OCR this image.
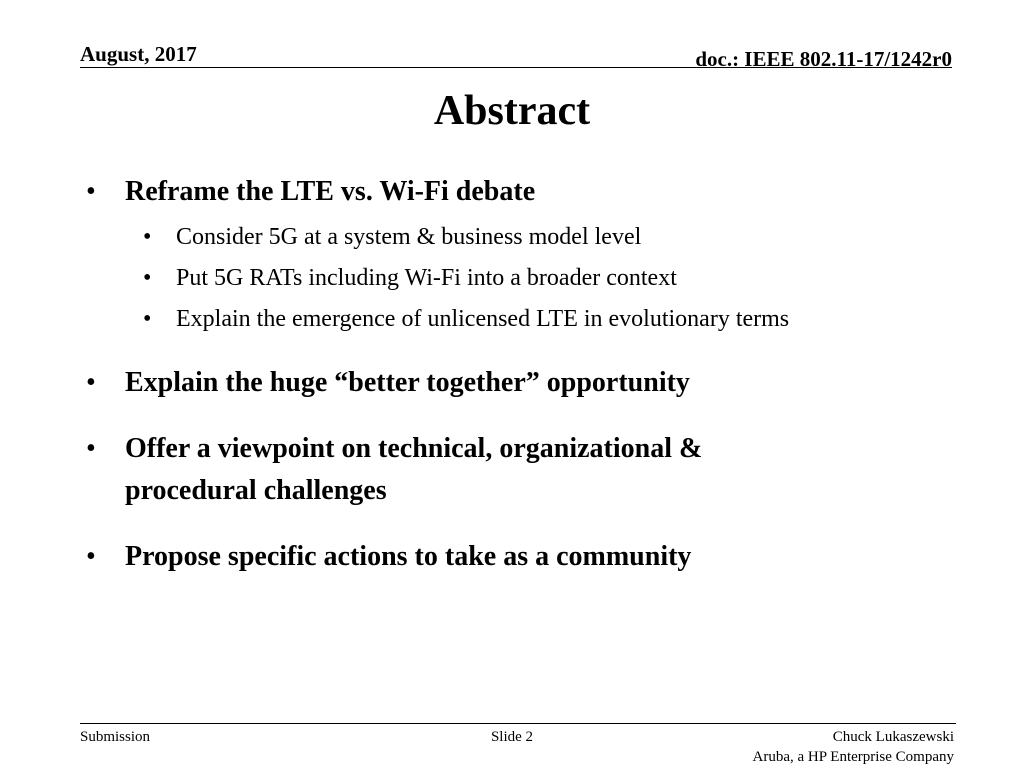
August, 2017	doc.: IEEE 802.11-17/1242r0
Abstract
• Reframe the LTE vs. Wi-Fi debate
• Consider 5G at a system & business model level
• Put 5G RATs including Wi-Fi into a broader context
• Explain the emergence of unlicensed LTE in evolutionary terms
• Explain the huge “better together” opportunity
• Offer a viewpoint on technical, organizational &
procedural challenges
• Propose specific actions to take as a community
Submission	Slide 2	Chuck Lukaszewski
Aruba, a HP Enterprise Company
